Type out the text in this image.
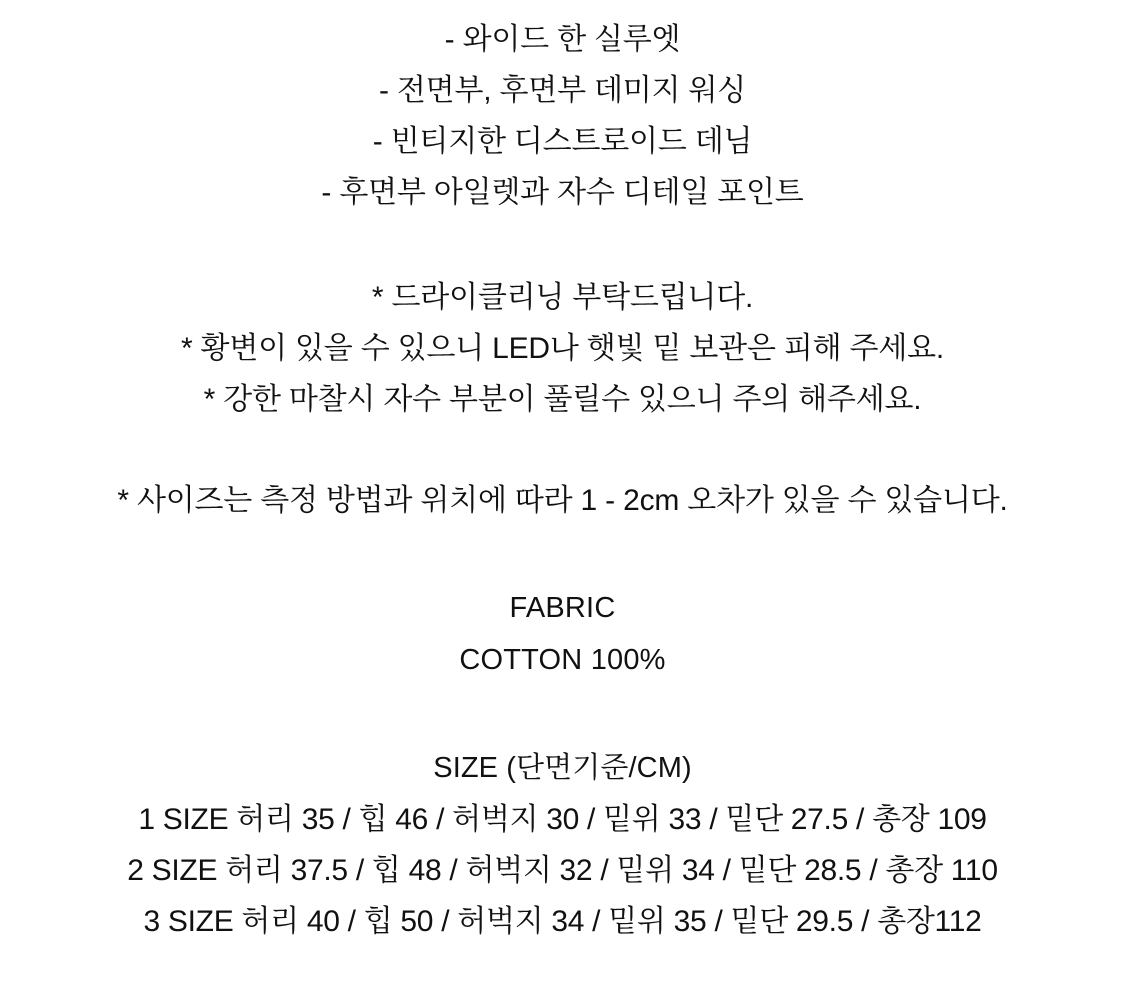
- 와이드 한 실루엣
- 전면부, 후면부 데미지 워싱
- 빈티지한 디스트로이드 데님
- 후면부 아일렛과 자수 디테일 포인트
* 드라이클리닝 부탁드립니다.
* 황변이 있을 수 있으니 LED나 햇빛 밑 보관은 피해 주세요.
* 강한 마찰시 자수 부분이 풀릴수 있으니 주의 해주세요.
* 사이즈는 측정 방법과 위치에 따라 1 - 2cm 오차가 있을 수 있습니다.
FABRIC
COTTON 100%
SIZE (단면기준/CM)
1 SIZE 허리 35 / 힙 46 / 허벅지 30 / 밑위 33 / 밑단 27.5 / 총장 109
2 SIZE 허리 37.5 / 힙 48 / 허벅지 32 / 밑위 34 / 밑단 28.5 / 총장 110
3 SIZE 허리 40 / 힙 50 / 허벅지 34 / 밑위 35 / 밑단 29.5 / 총장112
